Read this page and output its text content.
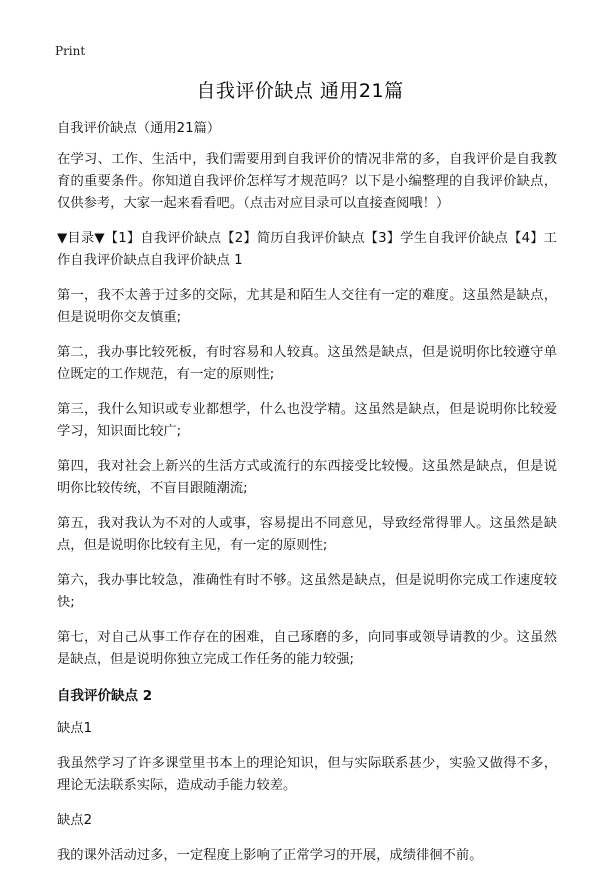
Print
自我评价缺点 通用21篇

自我评价缺点（通用21篇）

在学习、工作、生活中，我们需要用到自我评价的情况非常的多，自我评价是自我教育的重要条件。你知道自我评价怎样写才规范吗？以下是小编整理的自我评价缺点，仅供参考，大家一起来看看吧。（点击对应目录可以直接查阅哦！）

▼目录▼【1】自我评价缺点【2】简历自我评价缺点【3】学生自我评价缺点【4】工作自我评价缺点自我评价缺点 1

第一，我不太善于过多的交际，尤其是和陌生人交往有一定的难度。这虽然是缺点，但是说明你交友慎重;

第二，我办事比较死板，有时容易和人较真。这虽然是缺点，但是说明你比较遵守单位既定的工作规范，有一定的原则性;

第三，我什么知识或专业都想学，什么也没学精。这虽然是缺点，但是说明你比较爱学习，知识面比较广;

第四，我对社会上新兴的生活方式或流行的东西接受比较慢。这虽然是缺点，但是说明你比较传统，不盲目跟随潮流;

第五，我对我认为不对的人或事，容易提出不同意见，导致经常得罪人。这虽然是缺点，但是说明你比较有主见，有一定的原则性;

第六，我办事比较急，准确性有时不够。这虽然是缺点，但是说明你完成工作速度较快;

第七，对自己从事工作存在的困难，自己琢磨的多，向同事或领导请教的少。这虽然是缺点，但是说明你独立完成工作任务的能力较强;

自我评价缺点 2

缺点1

我虽然学习了许多课堂里书本上的理论知识，但与实际联系甚少，实验又做得不多，理论无法联系实际，造成动手能力较差。

缺点2

我的课外活动过多，一定程度上影响了正常学习的开展，成绩徘徊不前。
